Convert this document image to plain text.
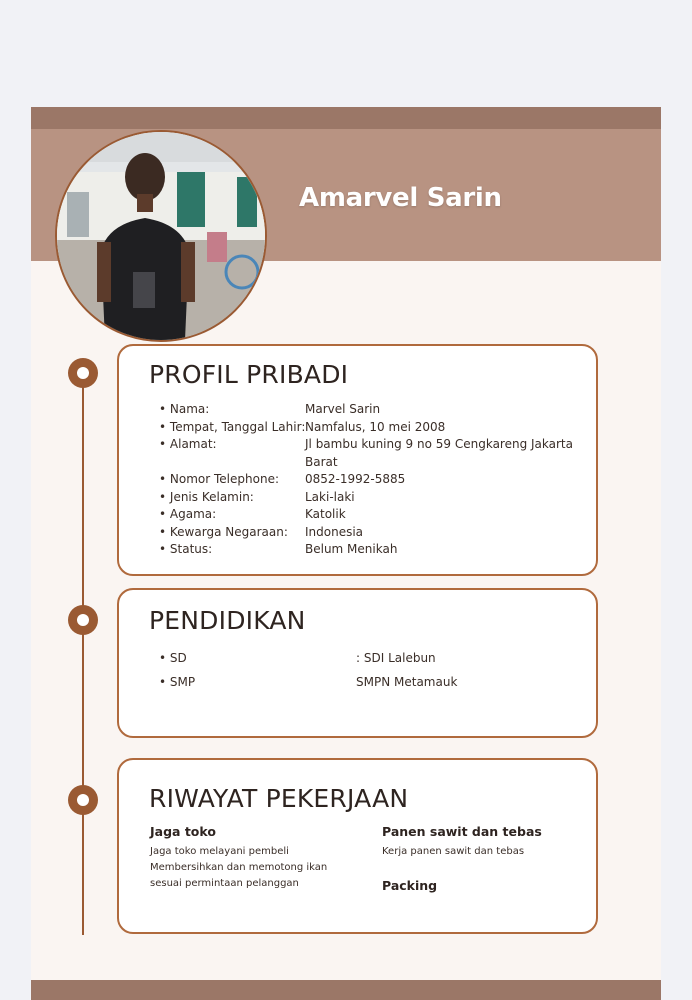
Amarvel Sarin
PROFIL PRIBADI
• Nama:	Marvel Sarin
• Tempat, Tanggal Lahir: Namfalus, 10 mei 2008
• Alamat:	Jl bambu kuning 9 no 59 Cengkareng Jakarta Barat
• Nomor Telephone: 0852-1992-5885
• Jenis Kelamin:	Laki-laki
• Agama:	Katolik
• Kewarga Negaraan: Indonesia
• Status:	Belum Menikah
PENDIDIKAN
• SD	: SDI Lalebun
• SMP	SMPN Metamauk
RIWAYAT PEKERJAAN
Jaga toko
Jaga toko melayani pembeli Membersihkan dan memotong ikan sesuai permintaan pelanggan
Panen sawit dan tebas
Kerja panen sawit dan tebas
Packing
